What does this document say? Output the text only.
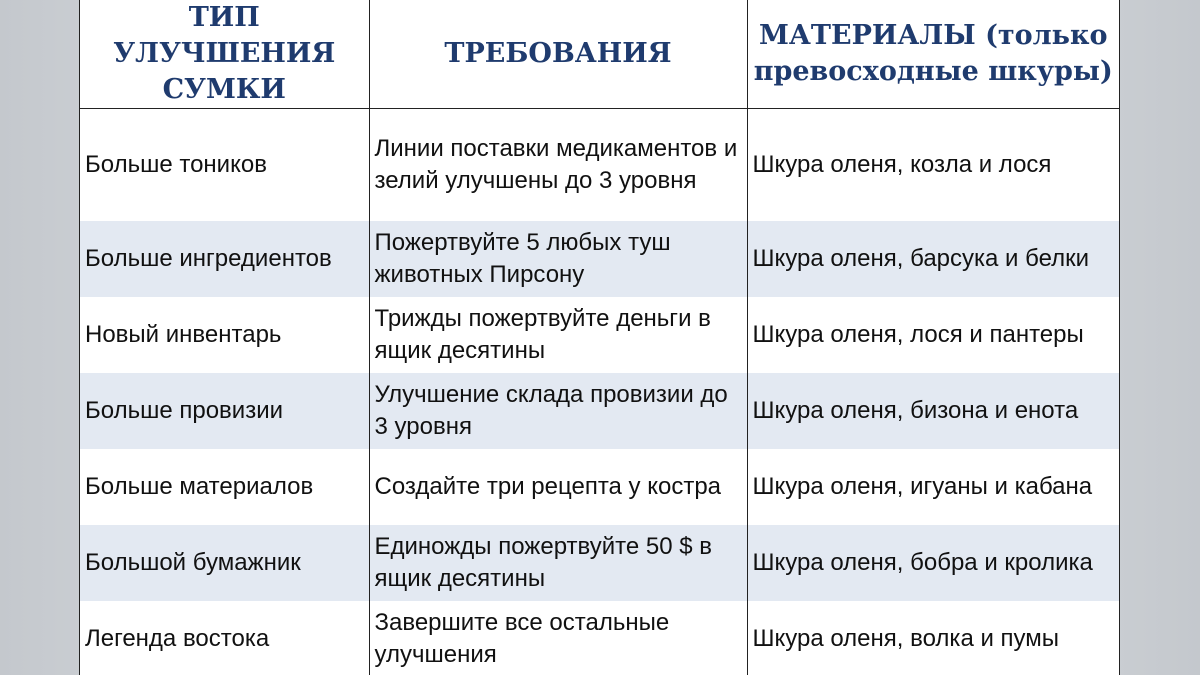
ТИП УЛУЧШЕНИЯ СУМКИ	ТРЕБОВАНИЯ	МАТЕРИАЛЫ (только превосходные шкуры)
Больше тоников	Линии поставки медикаментов и зелий улучшены до 3 уровня	Шкура оленя, козла и лося
Больше ингредиентов	Пожертвуйте 5 любых туш животных Пирсону	Шкура оленя, барсука и белки
Новый инвентарь	Трижды пожертвуйте деньги в ящик десятины	Шкура оленя, лося и пантеры
Больше провизии	Улучшение склада провизии до 3 уровня	Шкура оленя, бизона и енота
Больше материалов	Создайте три рецепта у костра	Шкура оленя, игуаны и кабана
Большой бумажник	Единожды пожертвуйте 50 $ в ящик десятины	Шкура оленя, бобра и кролика
Легенда востока	Завершите все остальные улучшения	Шкура оленя, волка и пумы
